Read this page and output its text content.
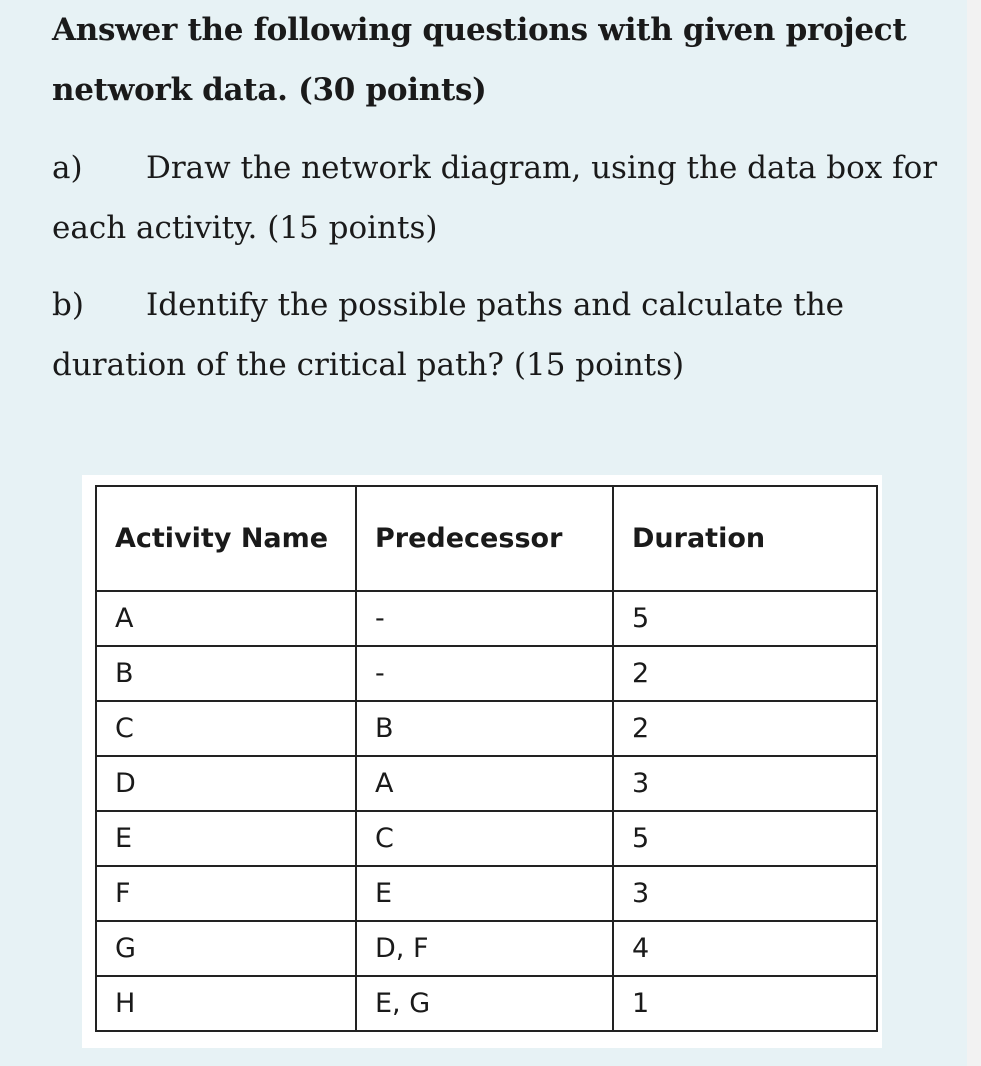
Answer the following questions with given project network data. (30 points)
a) Draw the network diagram, using the data box for each activity. (15 points)
b) Identify the possible paths and calculate the duration of the critical path? (15 points)
Activity Name	Predecessor	Duration
A	-	5
B	-	2
C	B	2
D	A	3
E	C	5
F	E	3
G	D, F	4
H	E, G	1
